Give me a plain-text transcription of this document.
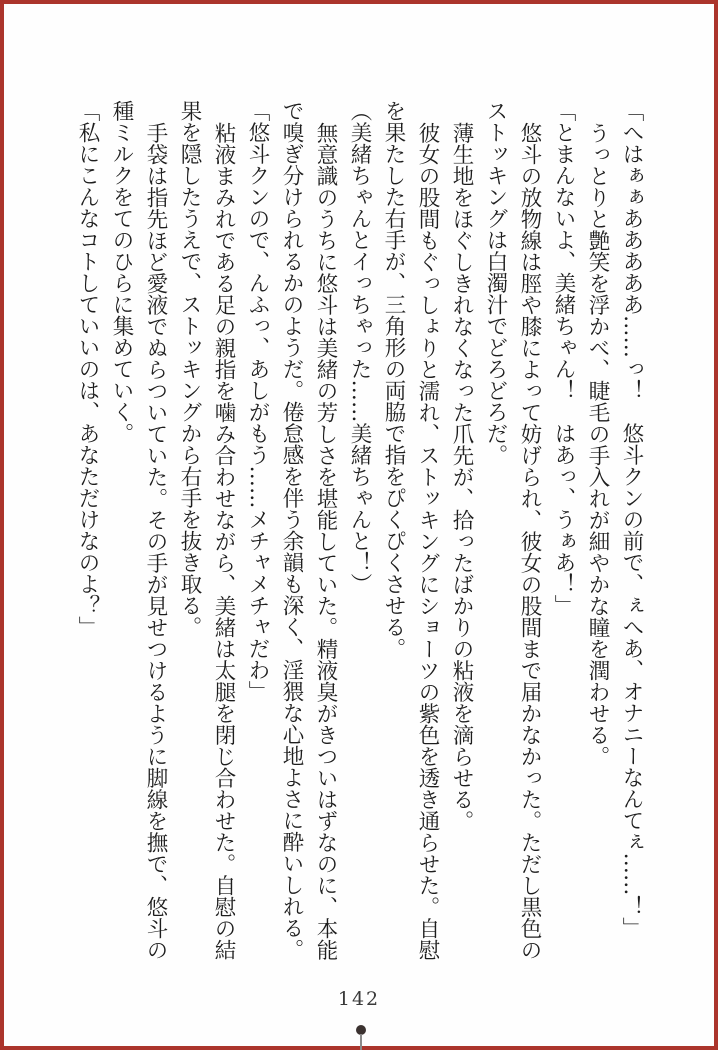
「へはぁぁあああああ……っ！　悠斗クンの前で、ぇへあ、オナニーなんてぇ……！」

うっとりと艶笑を浮かべ、睫毛の手入れが細やかな瞳を潤わせる。

「とまんないよ、美緒ちゃん！　はあっ、うぁあ！」

悠斗の放物線は脛や膝によって妨げられ、彼女の股間まで届かなかった。ただし黒色のストッキングは白濁汁でどろどろだ。

薄生地をほぐしきれなくなった爪先が、拾ったばかりの粘液を滴らせる。

彼女の股間もぐっしょりと濡れ、ストッキングにショーツの紫色を透き通らせた。自慰を果たした右手が、三角形の両脇で指をぴくぴくさせる。

（美緒ちゃんとイっちゃった……美緒ちゃんと！）

無意識のうちに悠斗は美緒の芳しさを堪能していた。精液臭がきついはずなのに、本能で嗅ぎ分けられるかのようだ。倦怠感を伴う余韻も深く、淫猥な心地よさに酔いしれる。

「悠斗クンので、んふっ、あしがもう……メチャメチャだわ」

粘液まみれである足の親指を噛み合わせながら、美緒は太腿を閉じ合わせた。自慰の結果を隠したうえで、ストッキングから右手を抜き取る。

手袋は指先ほど愛液でぬらついていた。その手が見せつけるように脚線を撫で、悠斗の種ミルクをてのひらに集めていく。

「私にこんなコトしていいのは、あなただけなのよ？」

142
